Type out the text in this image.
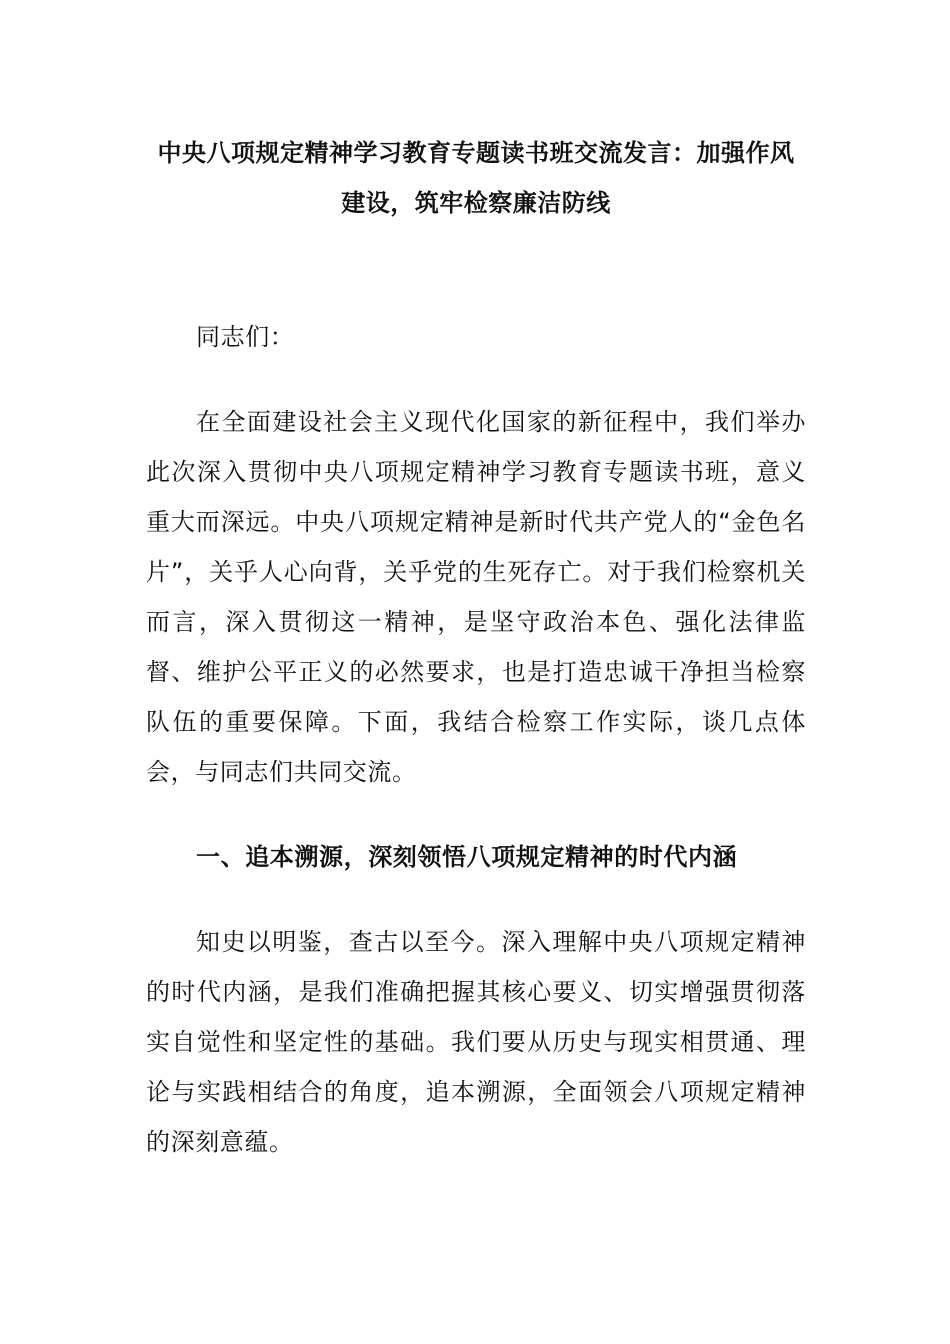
中央八项规定精神学习教育专题读书班交流发言：加强作风建设，筑牢检察廉洁防线

同志们：

在全面建设社会主义现代化国家的新征程中，我们举办此次深入贯彻中央八项规定精神学习教育专题读书班，意义重大而深远。中央八项规定精神是新时代共产党人的“金色名片”，关乎人心向背，关乎党的生死存亡。对于我们检察机关而言，深入贯彻这一精神，是坚守政治本色、强化法律监督、维护公平正义的必然要求，也是打造忠诚干净担当检察队伍的重要保障。下面，我结合检察工作实际，谈几点体会，与同志们共同交流。

一、追本溯源，深刻领悟八项规定精神的时代内涵

知史以明鉴，查古以至今。深入理解中央八项规定精神的时代内涵，是我们准确把握其核心要义、切实增强贯彻落实自觉性和坚定性的基础。我们要从历史与现实相贯通、理论与实践相结合的角度，追本溯源，全面领会八项规定精神的深刻意蕴。
